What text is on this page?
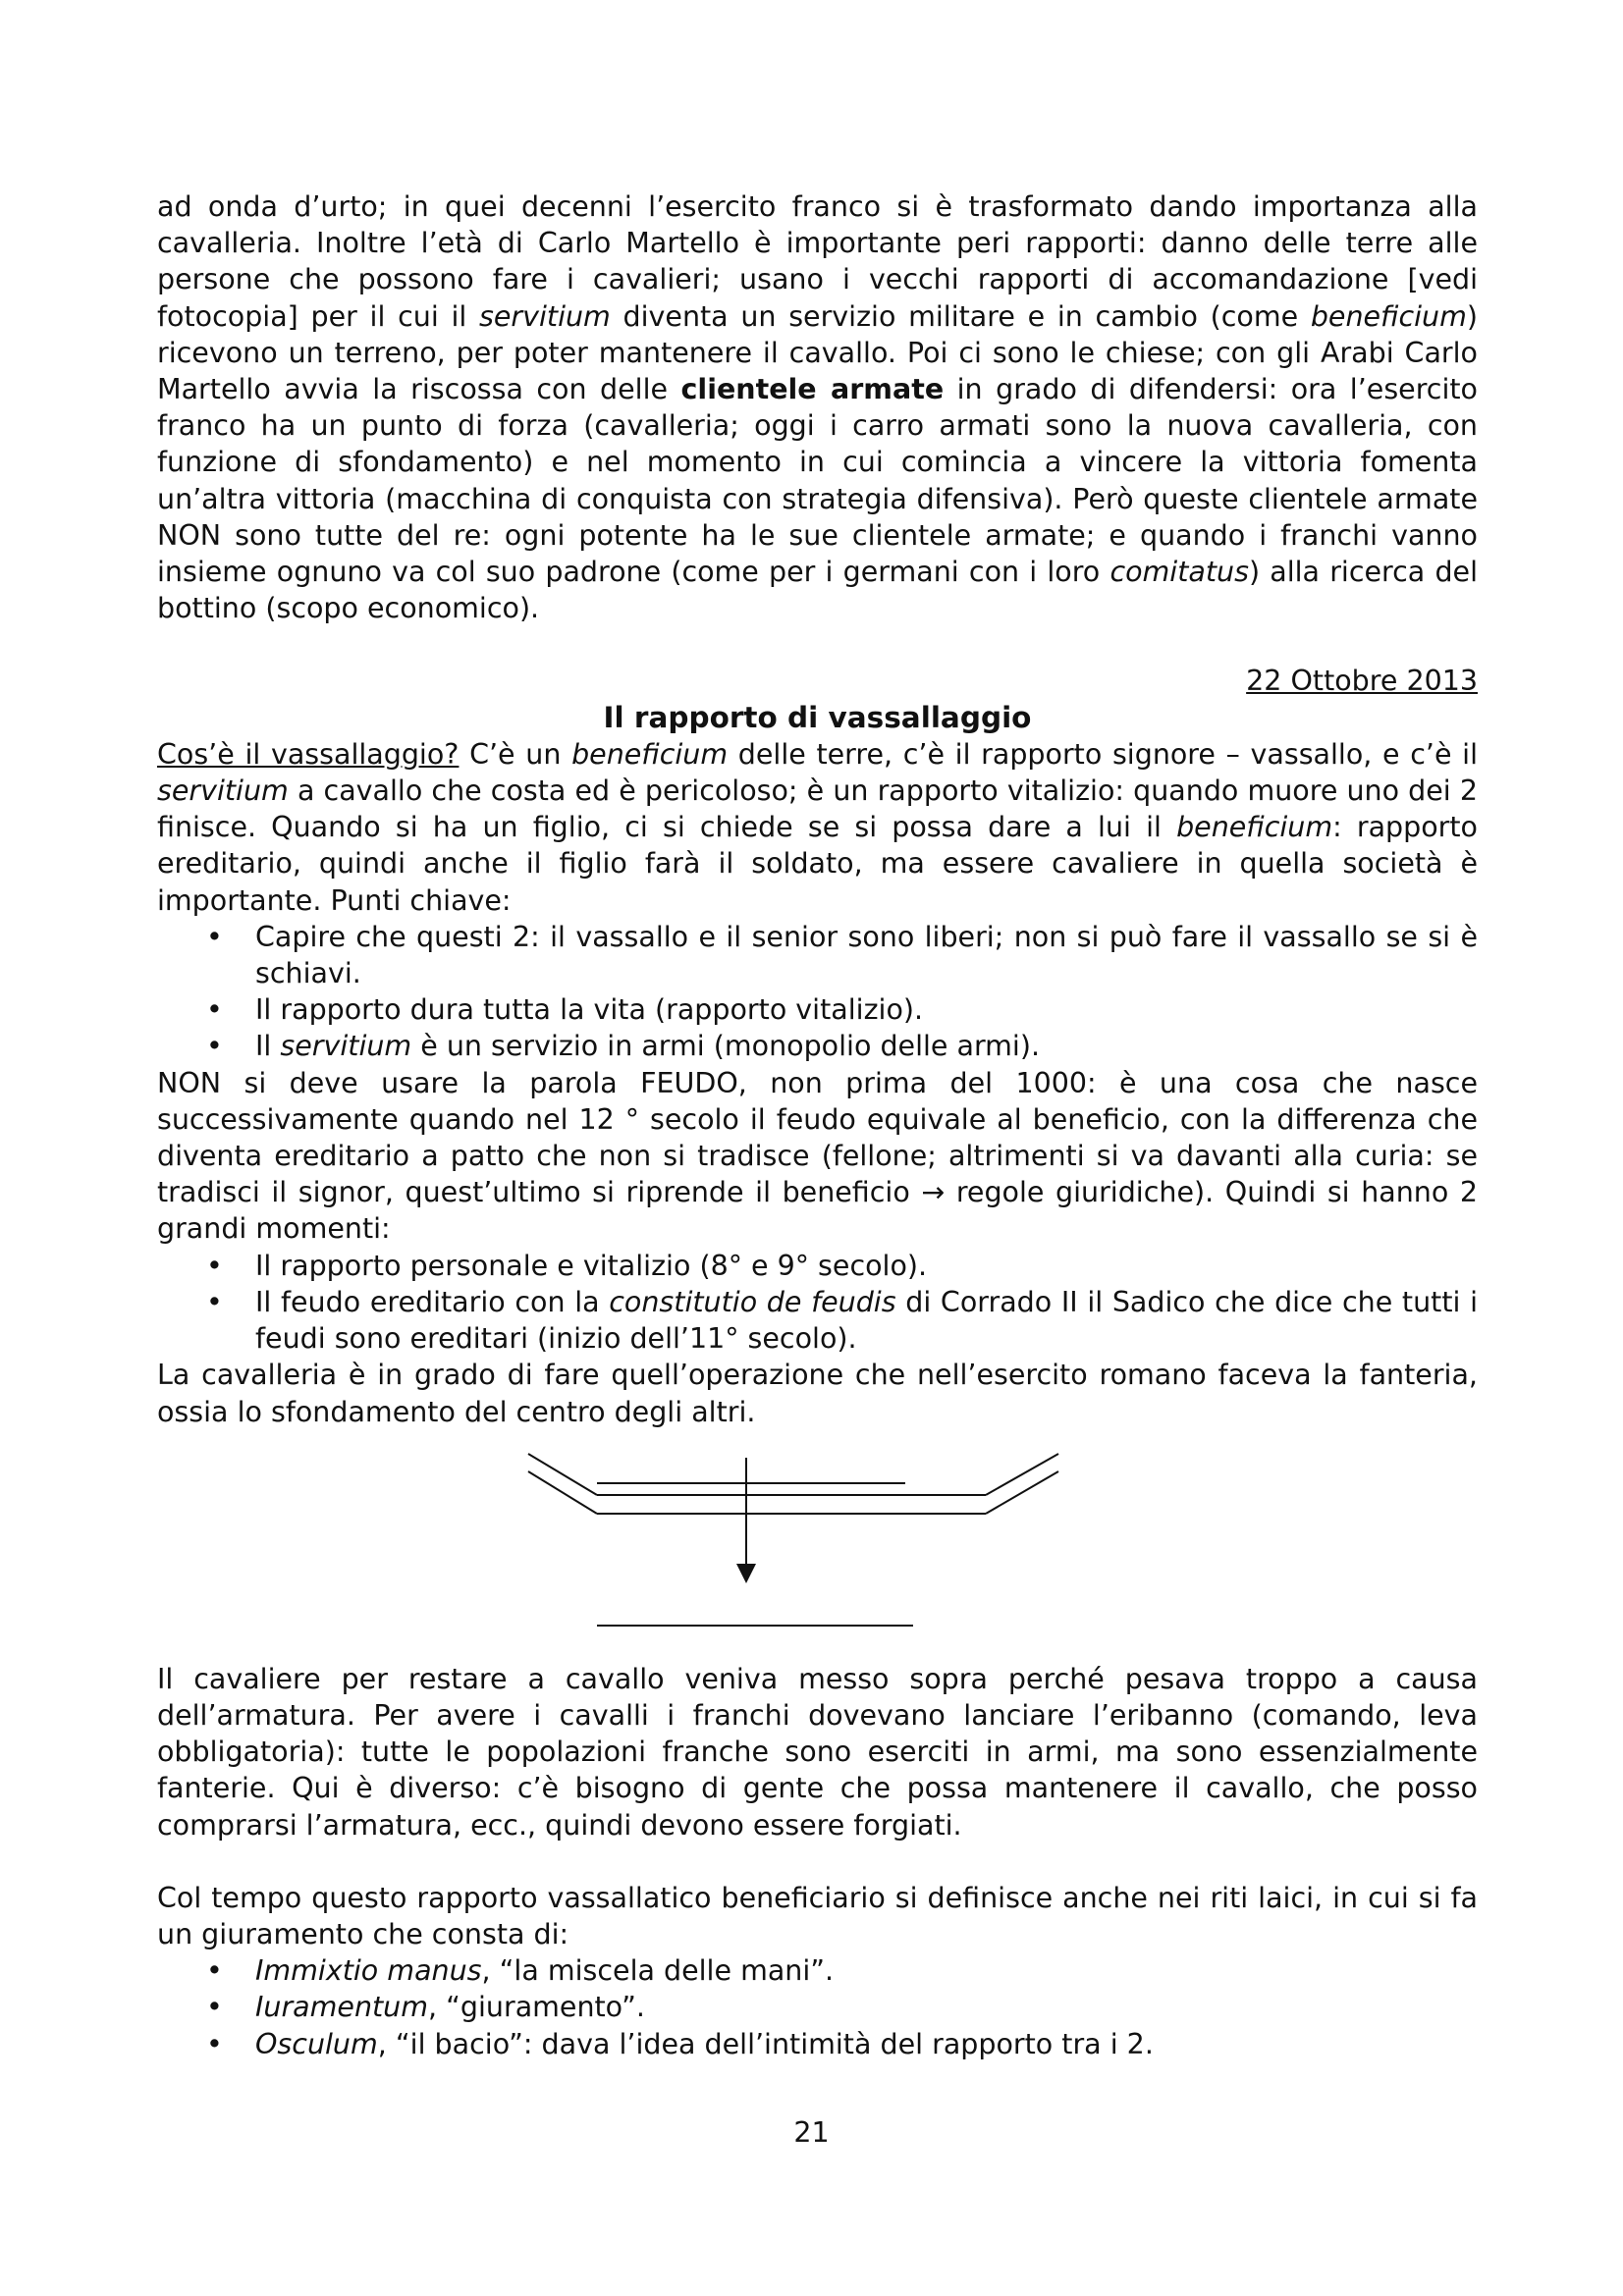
ad onda d’urto; in quei decenni l’esercito franco si è trasformato dando importanza alla cavalleria. Inoltre l’età di Carlo Martello è importante peri rapporti: danno delle terre alle persone che possono fare i cavalieri; usano i vecchi rapporti di accomandazione [vedi fotocopia] per il cui il servitium diventa un servizio militare e in cambio (come beneficium) ricevono un terreno, per poter mantenere il cavallo. Poi ci sono le chiese; con gli Arabi Carlo Martello avvia la riscossa con delle clientele armate in grado di difendersi: ora l’esercito franco ha un punto di forza (cavalleria; oggi i carro armati sono la nuova cavalleria, con funzione di sfondamento) e nel momento in cui comincia a vincere la vittoria fomenta un’altra vittoria (macchina di conquista con strategia difensiva). Però queste clientele armate NON sono tutte del re: ogni potente ha le sue clientele armate; e quando i franchi vanno insieme ognuno va col suo padrone (come per i germani con i loro comitatus) alla ricerca del bottino (scopo economico).

22 Ottobre 2013
Il rapporto di vassallaggio

Cos’è il vassallaggio? C’è un beneficium delle terre, c’è il rapporto signore – vassallo, e c’è il servitium a cavallo che costa ed è pericoloso; è un rapporto vitalizio: quando muore uno dei 2 finisce. Quando si ha un figlio, ci si chiede se si possa dare a lui il beneficium: rapporto ereditario, quindi anche il figlio farà il soldato, ma essere cavaliere in quella società è importante. Punti chiave:

• Capire che questi 2: il vassallo e il senior sono liberi; non si può fare il vassallo se si è schiavi.
• Il rapporto dura tutta la vita (rapporto vitalizio).
• Il servitium è un servizio in armi (monopolio delle armi).

NON si deve usare la parola FEUDO, non prima del 1000: è una cosa che nasce successivamente quando nel 12 ° secolo il feudo equivale al beneficio, con la differenza che diventa ereditario a patto che non si tradisce (fellone; altrimenti si va davanti alla curia: se tradisci il signor, quest’ultimo si riprende il beneficio → regole giuridiche). Quindi si hanno 2 grandi momenti:

• Il rapporto personale e vitalizio (8° e 9° secolo).
• Il feudo ereditario con la constitutio de feudis di Corrado II il Sadico che dice che tutti i feudi sono ereditari (inizio dell’11° secolo).

La cavalleria è in grado di fare quell’operazione che nell’esercito romano faceva la fanteria, ossia lo sfondamento del centro degli altri.

Il cavaliere per restare a cavallo veniva messo sopra perché pesava troppo a causa dell’armatura. Per avere i cavalli i franchi dovevano lanciare l’eribanno (comando, leva obbligatoria): tutte le popolazioni franche sono eserciti in armi, ma sono essenzialmente fanterie. Qui è diverso: c’è bisogno di gente che possa mantenere il cavallo, che posso comprarsi l’armatura, ecc., quindi devono essere forgiati.

Col tempo questo rapporto vassallatico beneficiario si definisce anche nei riti laici, in cui si fa un giuramento che consta di:

• Immixtio manus, “la miscela delle mani”.
• Iuramentum, “giuramento”.
• Osculum, “il bacio”: dava l’idea dell’intimità del rapporto tra i 2.
21
